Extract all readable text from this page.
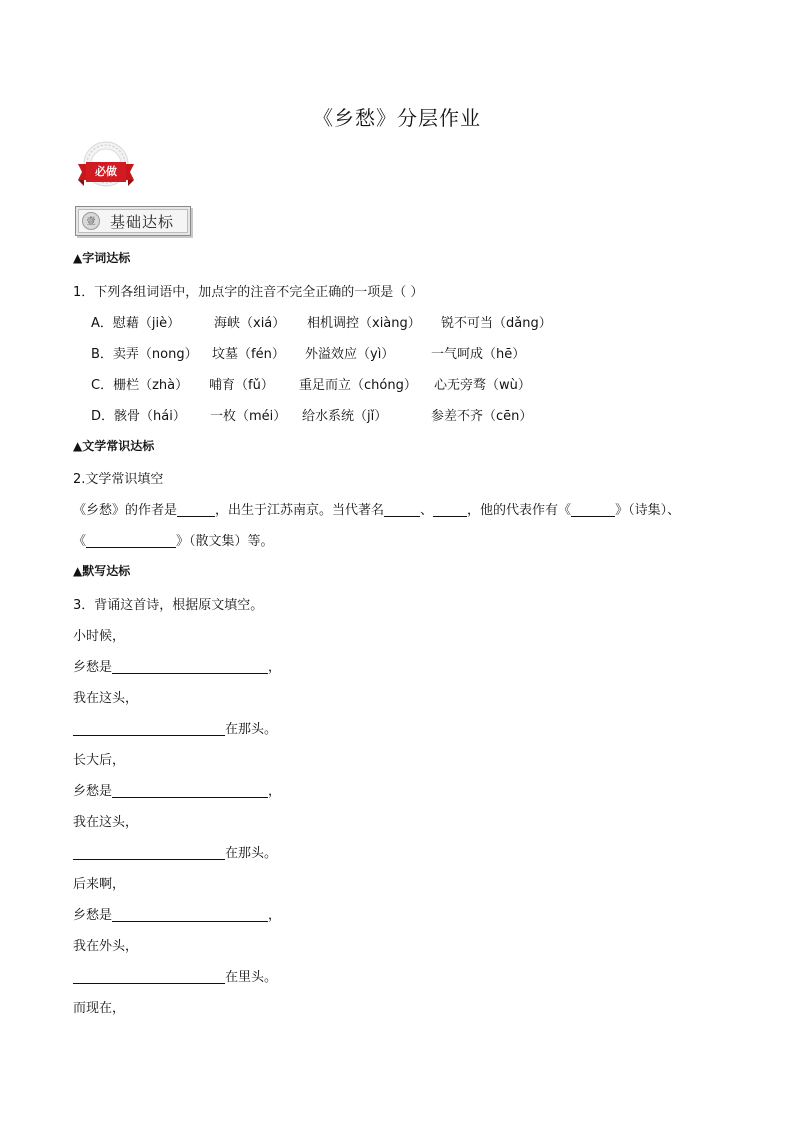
《乡愁》分层作业
必做
壹 基础达标
▲字词达标
1．下列各组词语中，加点字的注音不完全正确的一项是（ ）
A．慰藉（jiè）	海峡（xiá） 相机调控（xiàng） 锐不可当（dǎng）
B．卖弄（nong） 坟墓（fén） 外溢效应（yì）	一气呵成（hē）
C．栅栏（zhà） 哺育（fǔ） 重足而立（chóng） 心无旁骛（wù）
D．骸骨（hái） 一枚（méi） 给水系统（jǐ）	参差不齐（cēn）
▲文学常识达标
2.文学常识填空
《乡愁》的作者是	，出生于江苏南京。当代著名	、	，他的代表作有《	》（诗集）、
《	》（散文集）等。
▲默写达标
3．背诵这首诗，根据原文填空。
小时候，
乡愁是	，
我在这头，
在那头。
长大后，
乡愁是	，
我在这头，
在那头。
后来啊，
乡愁是	，
我在外头，
在里头。
而现在，
